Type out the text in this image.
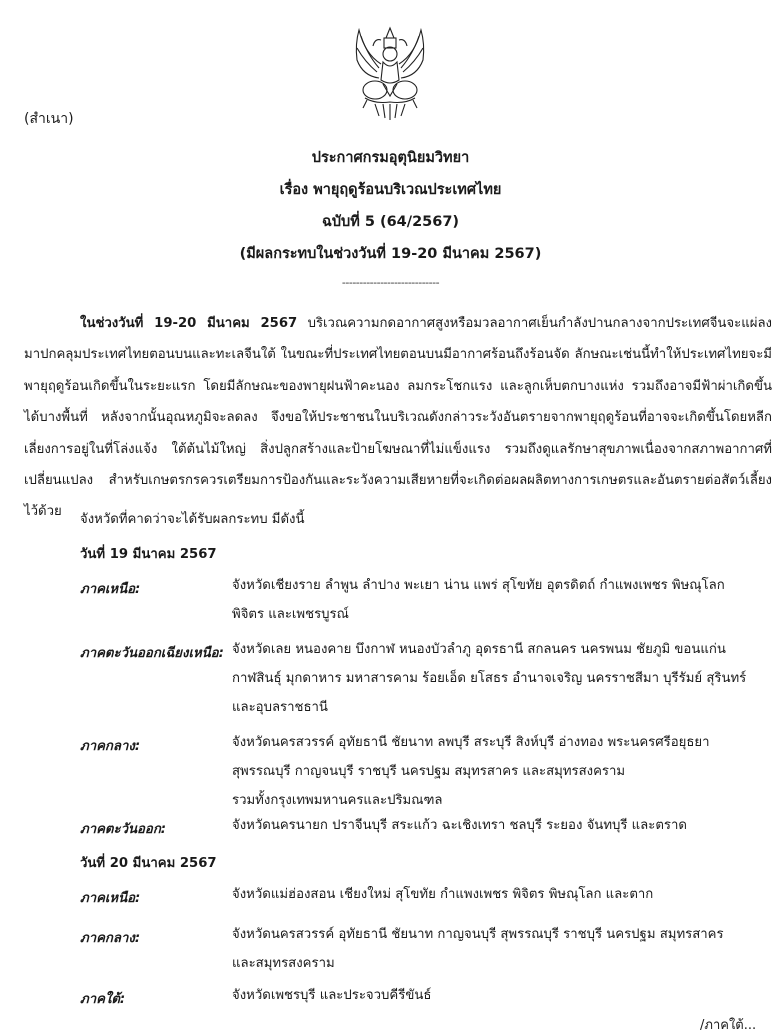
(สำเนา)
ประกาศกรมอุตุนิยมวิทยา
เรื่อง พายุฤดูร้อนบริเวณประเทศไทย
ฉบับที่ 5 (64/2567)
(มีผลกระทบในช่วงวันที่ 19-20 มีนาคม 2567)
----------------------------
ในช่วงวันที่ 19-20 มีนาคม 2567 บริเวณความกดอากาศสูงหรือมวลอากาศเย็นกำลังปานกลางจากประเทศจีนจะแผ่ลงมาปกคลุมประเทศไทยตอนบนและทะเลจีนใต้ ในขณะที่ประเทศไทยตอนบนมีอากาศร้อนถึงร้อนจัด ลักษณะเช่นนี้ทำให้ประเทศไทยจะมีพายุฤดูร้อนเกิดขึ้นในระยะแรก โดยมีลักษณะของพายุฝนฟ้าคะนอง ลมกระโชกแรง และลูกเห็บตกบางแห่ง รวมถึงอาจมีฟ้าผ่าเกิดขึ้นได้บางพื้นที่ หลังจากนั้นอุณหภูมิจะลดลง จึงขอให้ประชาชนในบริเวณดังกล่าวระวังอันตรายจากพายุฤดูร้อนที่อาจจะเกิดขึ้นโดยหลีกเลี่ยงการอยู่ในที่โล่งแจ้ง ใต้ต้นไม้ใหญ่ สิ่งปลูกสร้างและป้ายโฆษณาที่ไม่แข็งแรง รวมถึงดูแลรักษาสุขภาพเนื่องจากสภาพอากาศที่เปลี่ยนแปลง สำหรับเกษตรกรควรเตรียมการป้องกันและระวังความเสียหายที่จะเกิดต่อผลผลิตทางการเกษตรและอันตรายต่อสัตว์เลี้ยงไว้ด้วย
จังหวัดที่คาดว่าจะได้รับผลกระทบ มีดังนี้
วันที่ 19 มีนาคม 2567
ภาคเหนือ:	จังหวัดเชียงราย ลำพูน ลำปาง พะเยา น่าน แพร่ สุโขทัย อุตรดิตถ์ กำแพงเพชร พิษณุโลก
พิจิตร และเพชรบูรณ์
ภาคตะวันออกเฉียงเหนือ: จังหวัดเลย หนองคาย บึงกาฬ หนองบัวลำภู อุดรธานี สกลนคร นครพนม ชัยภูมิ ขอนแก่น
กาฬสินธุ์ มุกดาหาร มหาสารคาม ร้อยเอ็ด ยโสธร อำนาจเจริญ นครราชสีมา บุรีรัมย์ สุรินทร์
และอุบลราชธานี
ภาคกลาง:	จังหวัดนครสวรรค์ อุทัยธานี ชัยนาท ลพบุรี สระบุรี สิงห์บุรี อ่างทอง พระนครศรีอยุธยา
สุพรรณบุรี กาญจนบุรี ราชบุรี นครปฐม สมุทรสาคร และสมุทรสงคราม
รวมทั้งกรุงเทพมหานครและปริมณฑล
ภาคตะวันออก:	จังหวัดนครนายก ปราจีนบุรี สระแก้ว ฉะเชิงเทรา ชลบุรี ระยอง จันทบุรี และตราด
วันที่ 20 มีนาคม 2567
ภาคเหนือ:	จังหวัดแม่ฮ่องสอน เชียงใหม่ สุโขทัย กำแพงเพชร พิจิตร พิษณุโลก และตาก
ภาคกลาง:	จังหวัดนครสวรรค์ อุทัยธานี ชัยนาท กาญจนบุรี สุพรรณบุรี ราชบุรี นครปฐม สมุทรสาคร
และสมุทรสงคราม
ภาคใต้:	จังหวัดเพชรบุรี และประจวบคีรีขันธ์
/ภาคใต้...
